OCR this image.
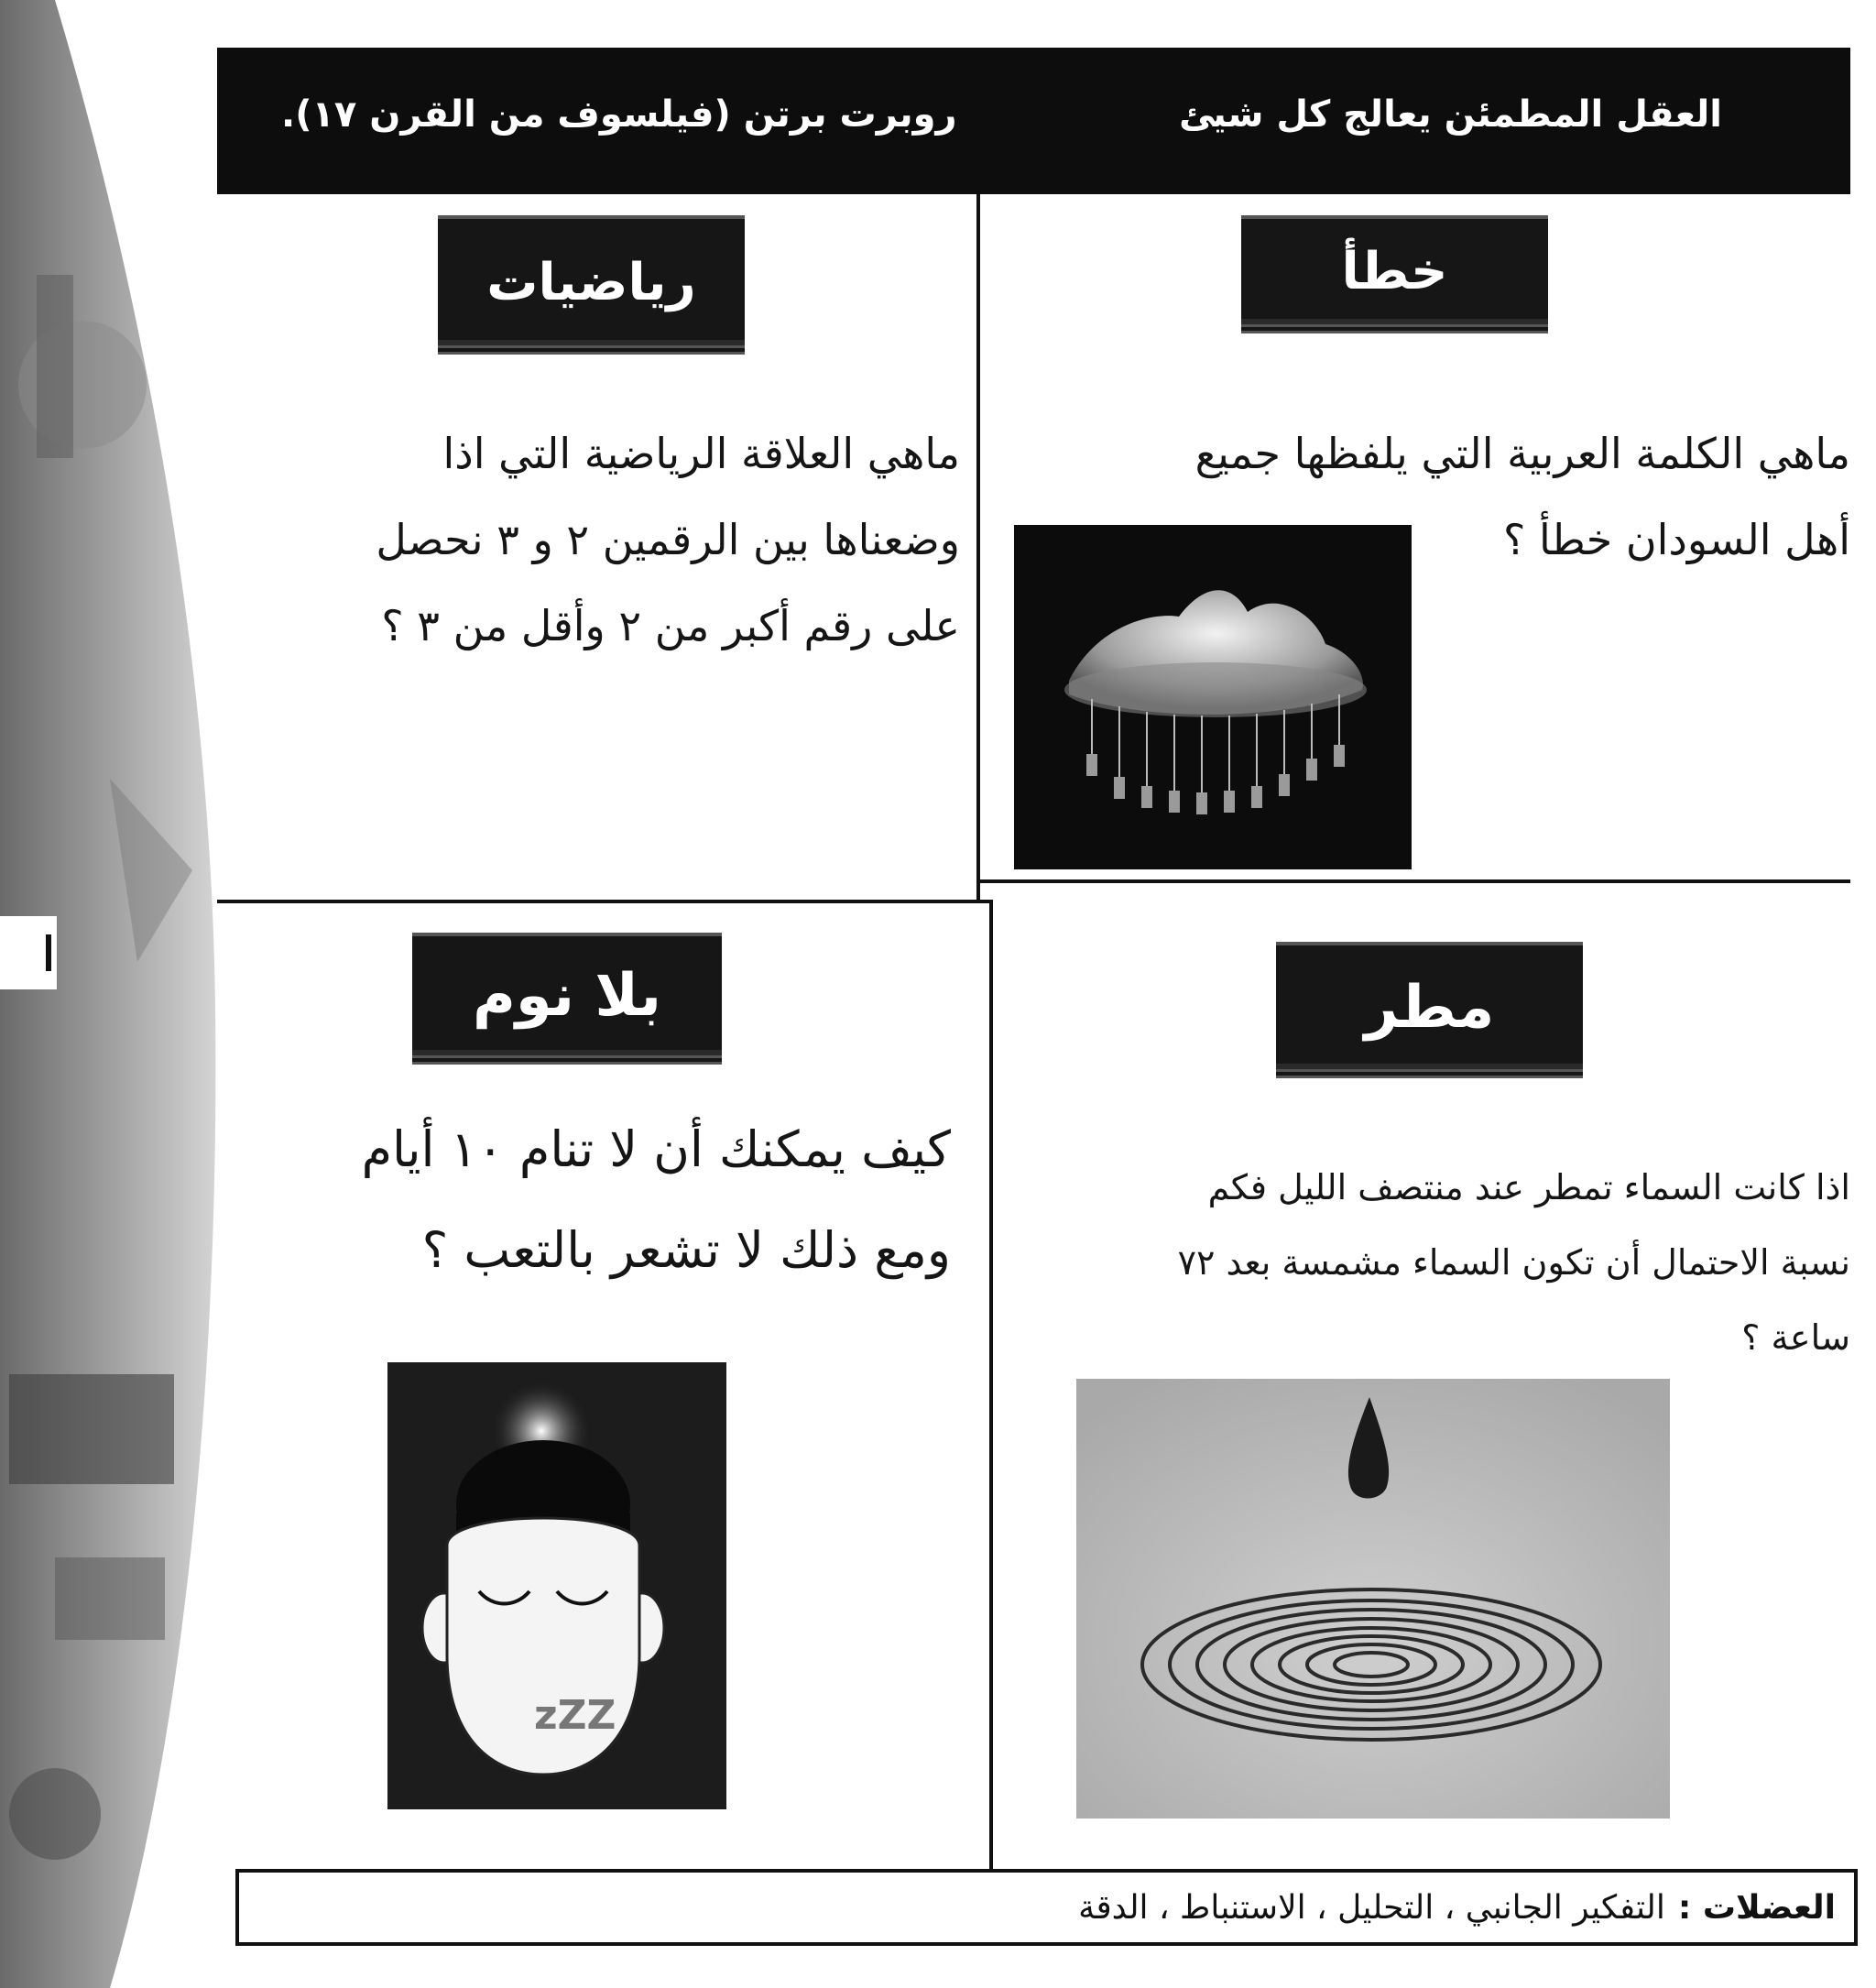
العقل المطمئن يعالج كل شيئ
روبرت برتن (فيلسوف من القرن ١٧).
خطأ
ماهي الكلمة العربية التي يلفظها جميع
أهل السودان خطأ ؟
رياضيات
ماهي العلاقة الرياضية التي اذا
وضعناها بين الرقمين ٢ و ٣ نحصل
على رقم أكبر من ٢ وأقل من ٣ ؟
مطر
اذا كانت السماء تمطر عند منتصف الليل فكم
نسبة الاحتمال أن تكون السماء مشمسة بعد ٧٢
ساعة ؟
بلا نوم
كيف يمكنك أن لا تنام ١٠ أيام
ومع ذلك لا تشعر بالتعب ؟
zZZ
العضلات :
التفكير الجانبي ، التحليل ، الاستنباط ، الدقة
